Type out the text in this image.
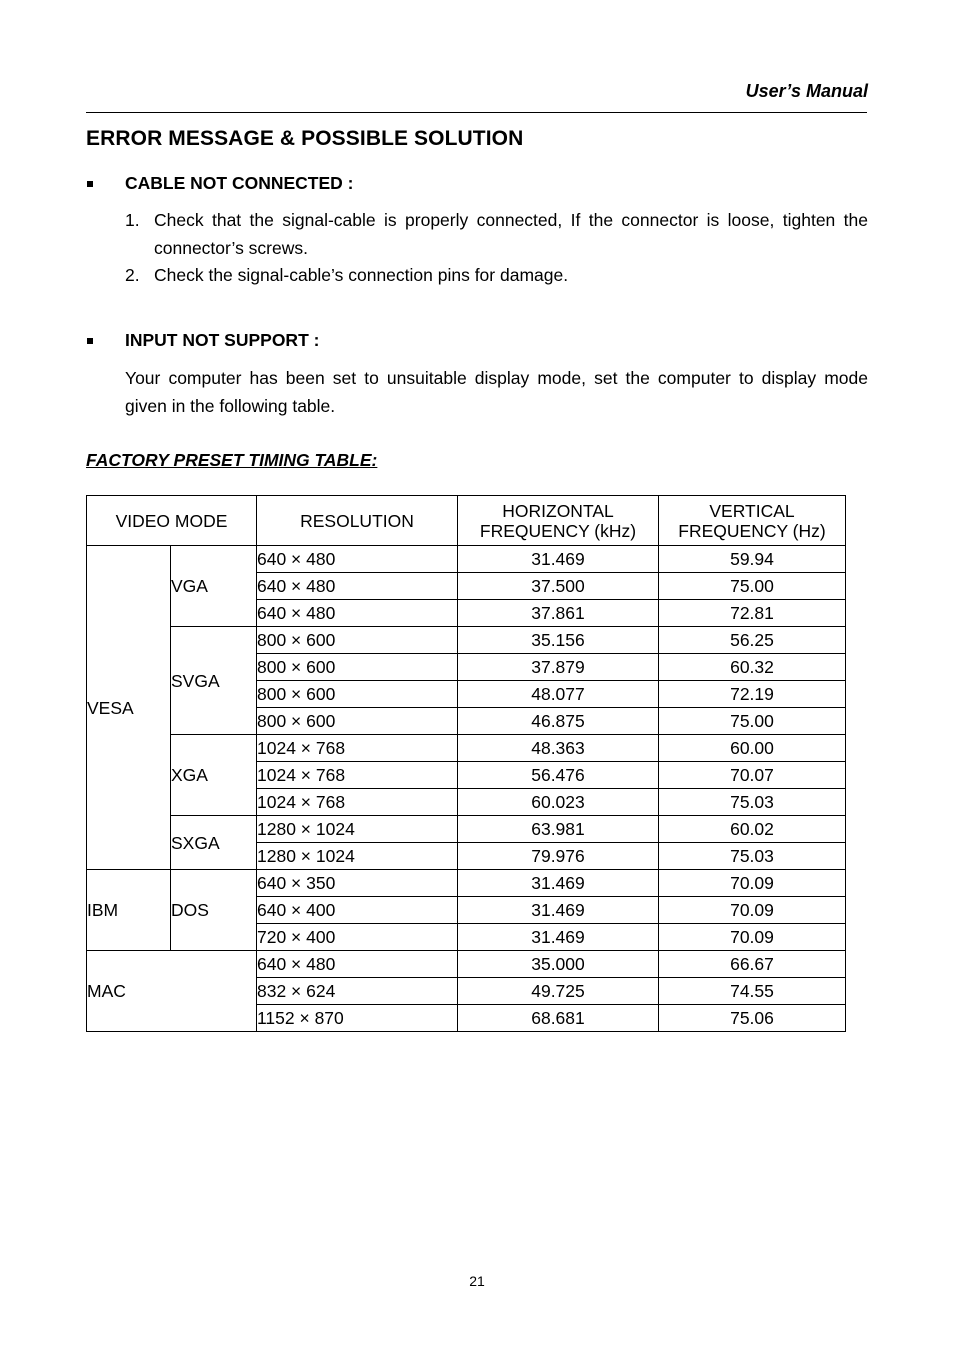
User’s Manual
ERROR MESSAGE & POSSIBLE SOLUTION
CABLE NOT CONNECTED :
1. Check that the signal-cable is properly connected, If the connector is loose, tighten the connector’s screws.
2. Check the signal-cable’s connection pins for damage.
INPUT NOT SUPPORT :
Your computer has been set to unsuitable display mode, set the computer to display mode given in the following table.
FACTORY PRESET TIMING TABLE:
VIDEO MODE		RESOLUTION	HORIZONTAL FREQUENCY (kHz)	VERTICAL FREQUENCY (Hz)
VESA	VGA	640 × 480	31.469	59.94
		640 × 480	37.500	75.00
		640 × 480	37.861	72.81
	SVGA	800 × 600	35.156	56.25
		800 × 600	37.879	60.32
		800 × 600	48.077	72.19
		800 × 600	46.875	75.00
	XGA	1024 × 768	48.363	60.00
		1024 × 768	56.476	70.07
		1024 × 768	60.023	75.03
	SXGA	1280 × 1024	63.981	60.02
		1280 × 1024	79.976	75.03
IBM	DOS	640 × 350	31.469	70.09
		640 × 400	31.469	70.09
		720 × 400	31.469	70.09
MAC		640 × 480	35.000	66.67
		832 × 624	49.725	74.55
		1152 × 870	68.681	75.06
21
